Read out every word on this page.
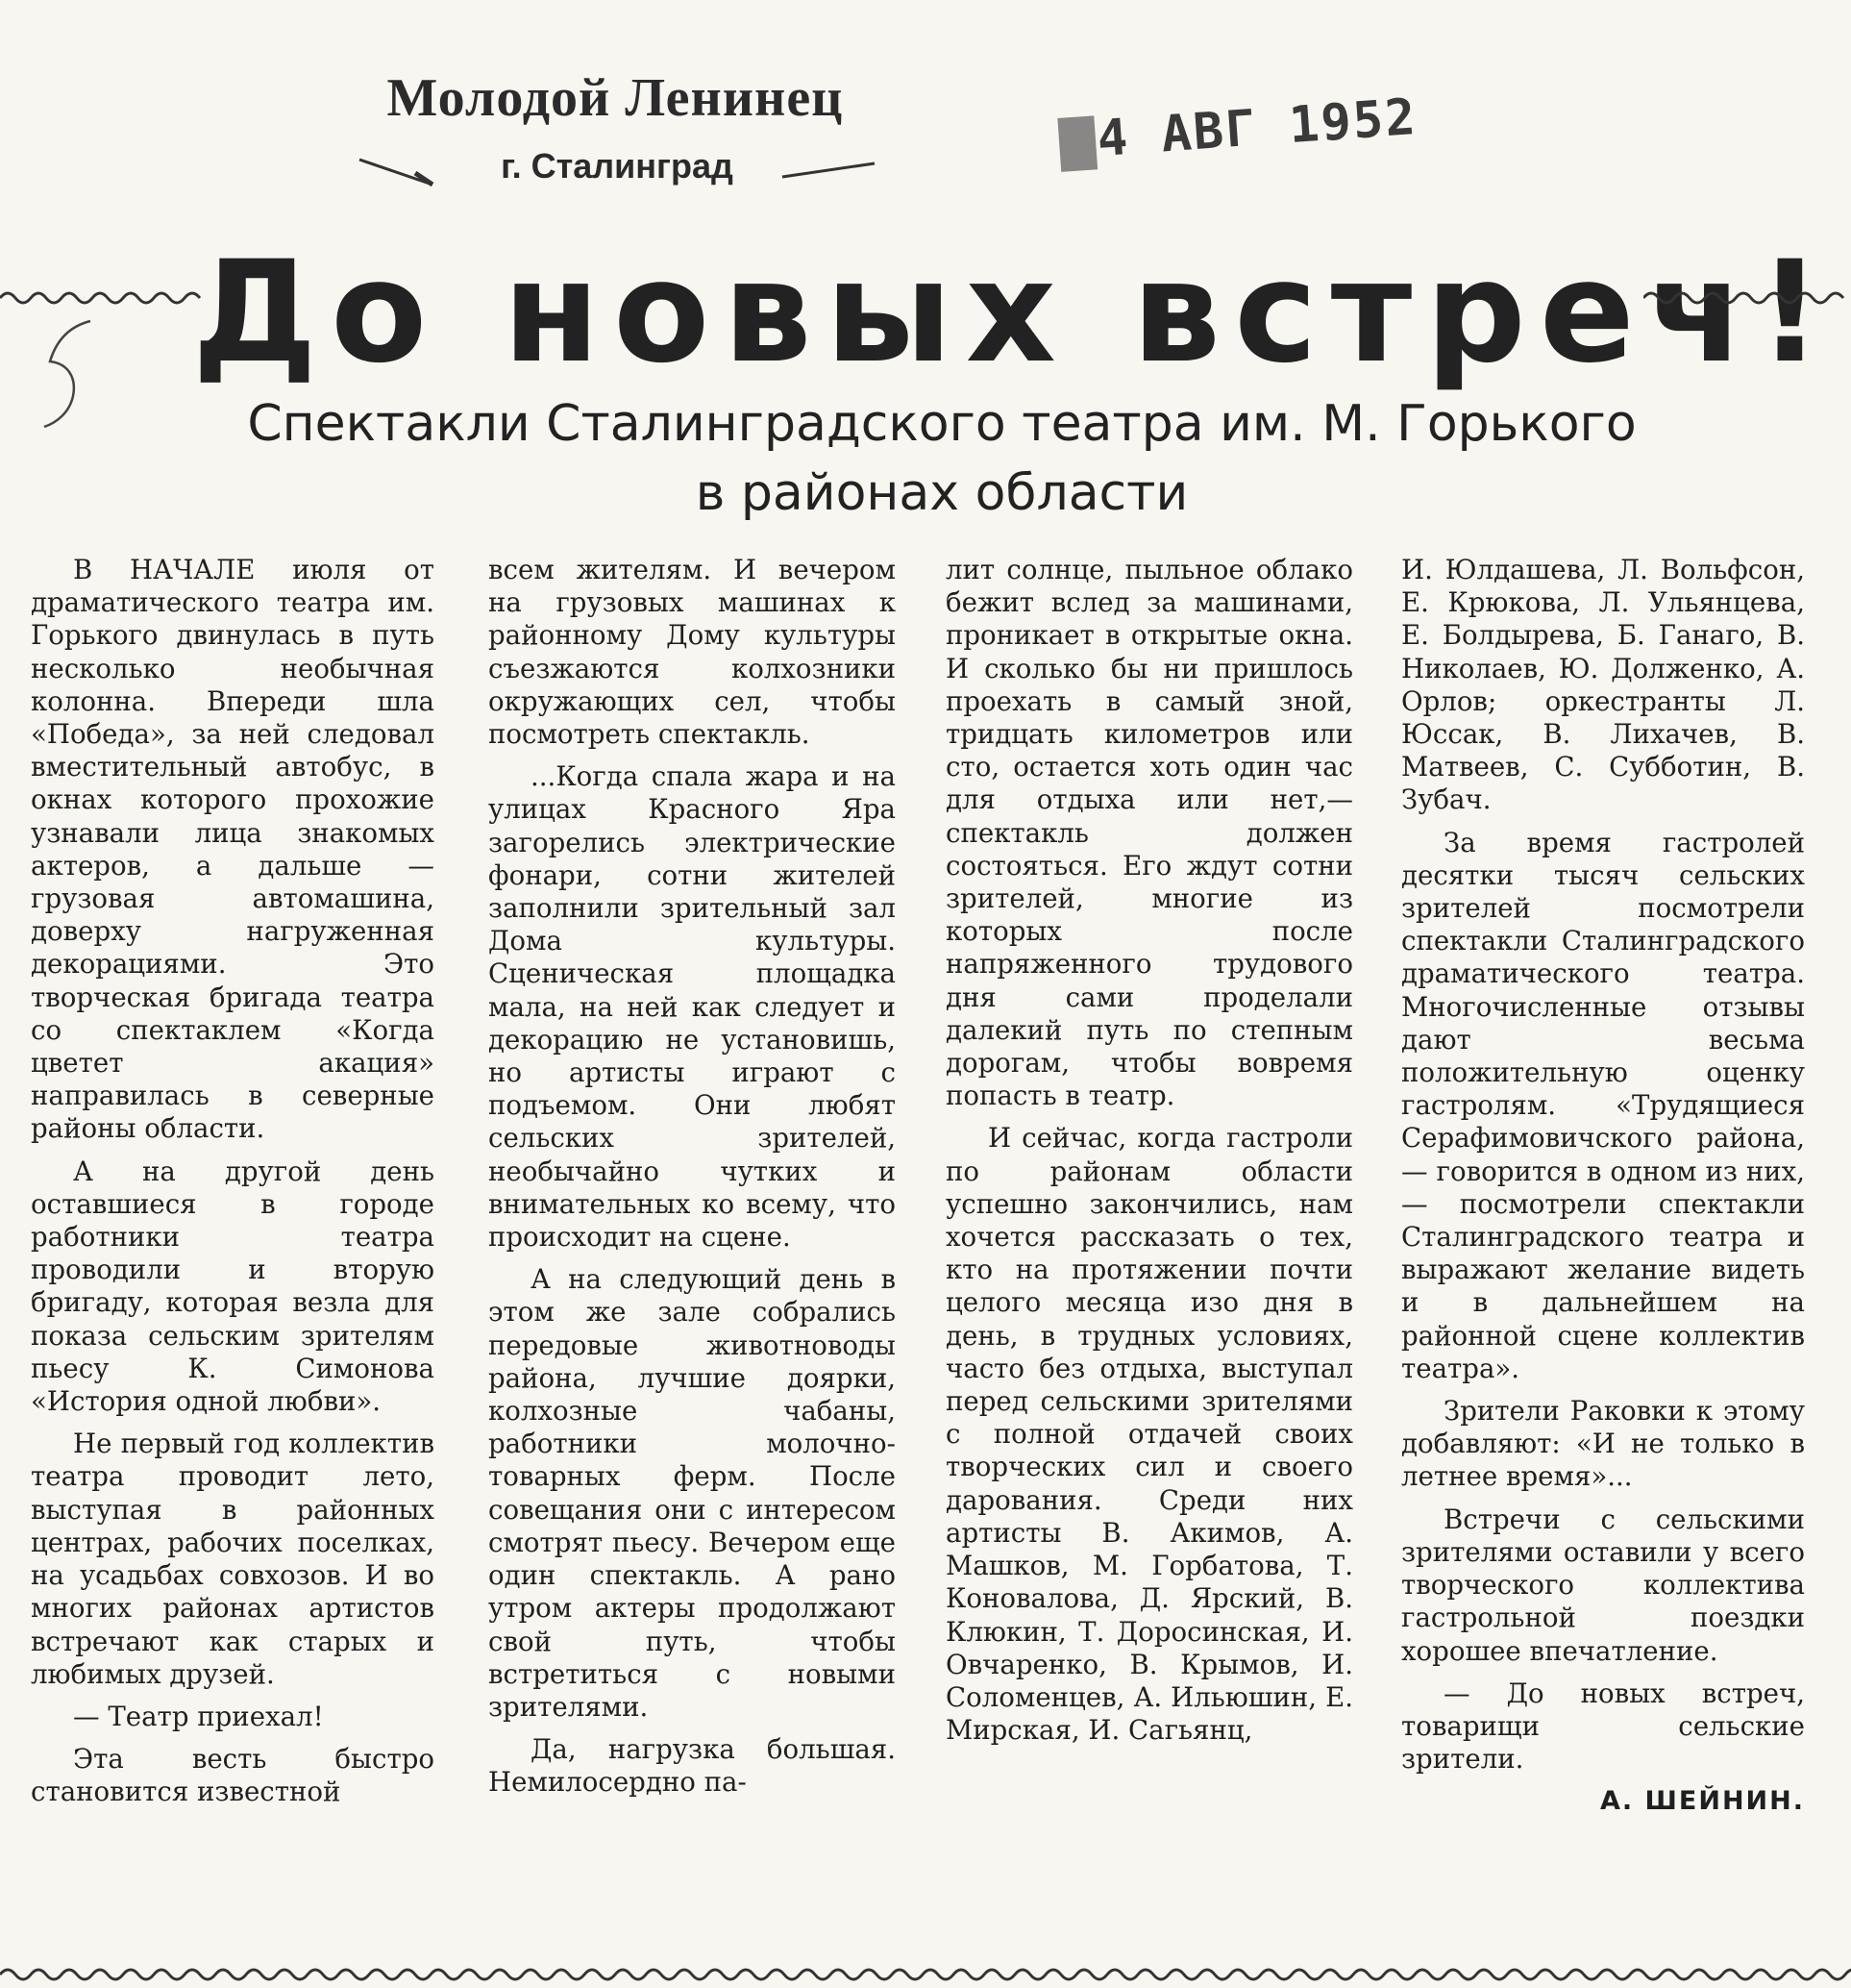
Молодой Ленинец
г. Сталинград	4 АВГ 1952
До новых встреч!
Спектакли Сталинградского театра им. М. Горького
в районах области

В НАЧАЛЕ июля от драматического театра им. Горького двинулась в путь несколько необычная колонна. Впереди шла «Победа», за ней следовал вместительный автобус, в окнах которого прохожие узнавали лица знакомых актеров, а дальше — грузовая автомашина, доверху нагруженная декорациями. Это творческая бригада театра со спектаклем «Когда цветет акация» направилась в северные районы области.

А на другой день оставшиеся в городе работники театра проводили и вторую бригаду, которая везла для показа сельским зрителям пьесу К. Симонова «История одной любви».

Не первый год коллектив театра проводит лето, выступая в районных центрах, рабочих поселках, на усадьбах совхозов. И во многих районах артистов встречают как старых и любимых друзей.

— Театр приехал!

Эта весть быстро становится известной

всем жителям. И вечером на грузовых машинах к районному Дому культуры съезжаются колхозники окружающих сел, чтобы посмотреть спектакль.

...Когда спала жара и на улицах Красного Яра загорелись электрические фонари, сотни жителей заполнили зрительный зал Дома культуры. Сценическая площадка мала, на ней как следует и декорацию не установишь, но артисты играют с подъемом. Они любят сельских зрителей, необычайно чутких и внимательных ко всему, что происходит на сцене.

А на следующий день в этом же зале собрались передовые животноводы района, лучшие доярки, колхозные чабаны, работники молочно-товарных ферм. После совещания они с интересом смотрят пьесу. Вечером еще один спектакль. А рано утром актеры продолжают свой путь, чтобы встретиться с новыми зрителями.

Да, нагрузка большая. Немилосердно па-

лит солнце, пыльное облако бежит вслед за машинами, проникает в открытые окна. И сколько бы ни пришлось проехать в самый зной, тридцать километров или сто, остается хоть один час для отдыха или нет,— спектакль должен состояться. Его ждут сотни зрителей, многие из которых после напряженного трудового дня сами проделали далекий путь по степным дорогам, чтобы вовремя попасть в театр.

И сейчас, когда гастроли по районам области успешно закончились, нам хочется рассказать о тех, кто на протяжении почти целого месяца изо дня в день, в трудных условиях, часто без отдыха, выступал перед сельскими зрителями с полной отдачей своих творческих сил и своего дарования. Среди них артисты В. Акимов, А. Машков, М. Горбатова, Т. Коновалова, Д. Ярский, В. Клюкин, Т. Доросинская, И. Овчаренко, В. Крымов, И. Соломенцев, А. Ильюшин, Е. Мирская, И. Сагьянц,

И. Юлдашева, Л. Вольфсон, Е. Крюкова, Л. Ульянцева, Е. Болдырева, Б. Ганаго, В. Николаев, Ю. Долженко, А. Орлов; оркестранты Л. Юссак, В. Лихачев, В. Матвеев, С. Субботин, В. Зубач.

За время гастролей десятки тысяч сельских зрителей посмотрели спектакли Сталинградского драматического театра. Многочисленные отзывы дают весьма положительную оценку гастролям. «Трудящиеся Серафимовичского района, — говорится в одном из них, — посмотрели спектакли Сталинградского театра и выражают желание видеть и в дальнейшем на районной сцене коллектив театра».

Зрители Раковки к этому добавляют: «И не только в летнее время»...

Встречи с сельскими зрителями оставили у всего творческого коллектива гастрольной поездки хорошее впечатление.

— До новых встреч, товарищи сельские зрители.

А. ШЕЙНИН.
